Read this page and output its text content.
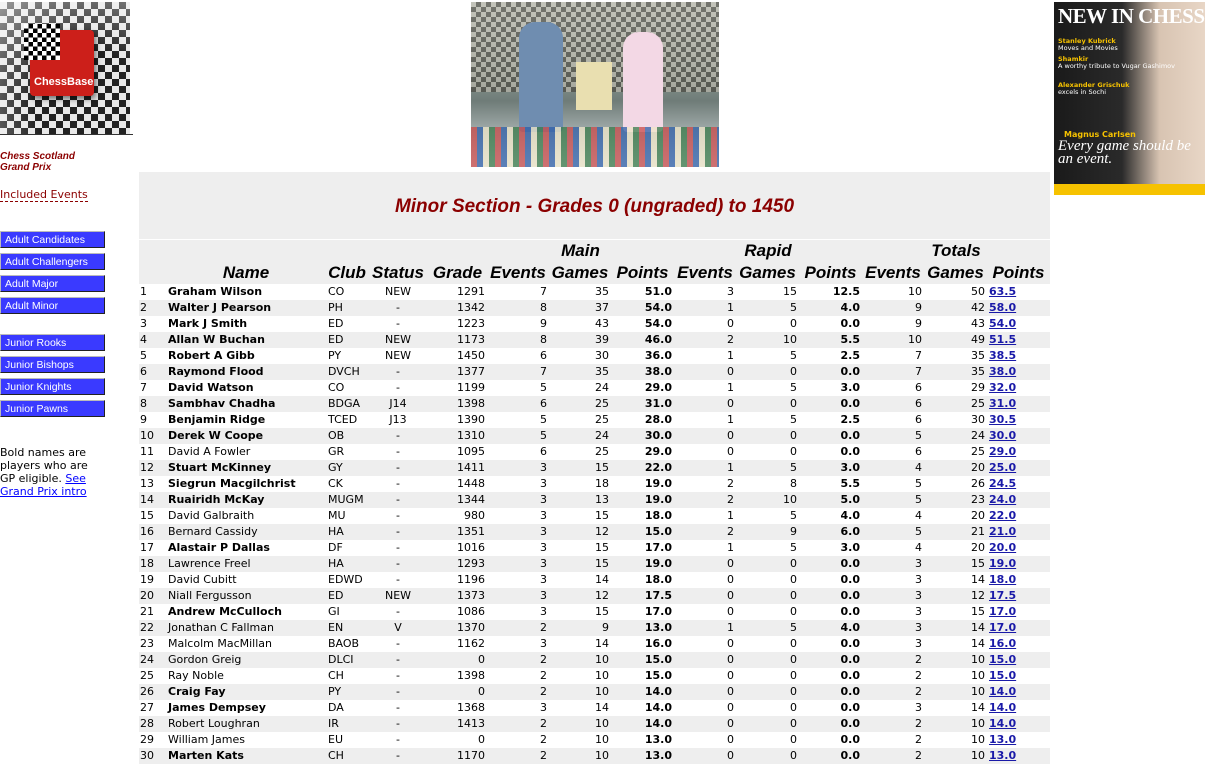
ChessBase
Chess Scotland
Grand Prix
Included Events
Adult Candidates
Adult Challengers
Adult Major
Adult Minor
Junior Rooks
Junior Bishops
Junior Knights
Junior Pawns
Bold names are players who are GP eligible. See Grand Prix intro
NEW IN CHESS
Stanley Kubrick
Moves and Movies
Shamkir
A worthy tribute to Vugar Gashimov
Alexander Grischuk
excels in Sochi
Magnus Carlsen
Every game should be an event.
Minor Section - Grades 0 (ungraded) to 1450
					Main			Rapid			Totals		
	Name	Club	Status	Grade	Events	Games	Points	Events	Games	Points	Events	Games	Points
1	Graham Wilson	CO	NEW	1291	7	35	51.0	3	15	12.5	10	50	63.5
2	Walter J Pearson	PH	-	1342	8	37	54.0	1	5	4.0	9	42	58.0
3	Mark J Smith	ED	-	1223	9	43	54.0	0	0	0.0	9	43	54.0
4	Allan W Buchan	ED	NEW	1173	8	39	46.0	2	10	5.5	10	49	51.5
5	Robert A Gibb	PY	NEW	1450	6	30	36.0	1	5	2.5	7	35	38.5
6	Raymond Flood	DVCH	-	1377	7	35	38.0	0	0	0.0	7	35	38.0
7	David Watson	CO	-	1199	5	24	29.0	1	5	3.0	6	29	32.0
8	Sambhav Chadha	BDGA	J14	1398	6	25	31.0	0	0	0.0	6	25	31.0
9	Benjamin Ridge	TCED	J13	1390	5	25	28.0	1	5	2.5	6	30	30.5
10	Derek W Coope	OB	-	1310	5	24	30.0	0	0	0.0	5	24	30.0
11	David A Fowler	GR	-	1095	6	25	29.0	0	0	0.0	6	25	29.0
12	Stuart McKinney	GY	-	1411	3	15	22.0	1	5	3.0	4	20	25.0
13	Siegrun Macgilchrist	CK	-	1448	3	18	19.0	2	8	5.5	5	26	24.5
14	Ruairidh McKay	MUGM	-	1344	3	13	19.0	2	10	5.0	5	23	24.0
15	David Galbraith	MU	-	980	3	15	18.0	1	5	4.0	4	20	22.0
16	Bernard Cassidy	HA	-	1351	3	12	15.0	2	9	6.0	5	21	21.0
17	Alastair P Dallas	DF	-	1016	3	15	17.0	1	5	3.0	4	20	20.0
18	Lawrence Freel	HA	-	1293	3	15	19.0	0	0	0.0	3	15	19.0
19	David Cubitt	EDWD	-	1196	3	14	18.0	0	0	0.0	3	14	18.0
20	Niall Fergusson	ED	NEW	1373	3	12	17.5	0	0	0.0	3	12	17.5
21	Andrew McCulloch	GI	-	1086	3	15	17.0	0	0	0.0	3	15	17.0
22	Jonathan C Fallman	EN	V	1370	2	9	13.0	1	5	4.0	3	14	17.0
23	Malcolm MacMillan	BAOB	-	1162	3	14	16.0	0	0	0.0	3	14	16.0
24	Gordon Greig	DLCI	-	0	2	10	15.0	0	0	0.0	2	10	15.0
25	Ray Noble	CH	-	1398	2	10	15.0	0	0	0.0	2	10	15.0
26	Craig Fay	PY	-	0	2	10	14.0	0	0	0.0	2	10	14.0
27	James Dempsey	DA	-	1368	3	14	14.0	0	0	0.0	3	14	14.0
28	Robert Loughran	IR	-	1413	2	10	14.0	0	0	0.0	2	10	14.0
29	William James	EU	-	0	2	10	13.0	0	0	0.0	2	10	13.0
30	Marten Kats	CH	-	1170	2	10	13.0	0	0	0.0	2	10	13.0
